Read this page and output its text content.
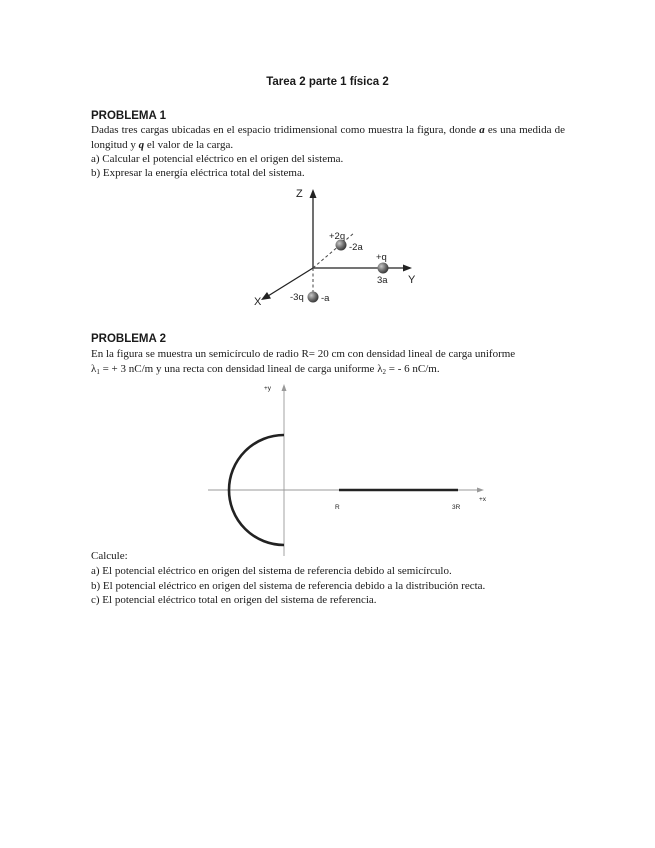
Tarea 2 parte 1 física 2
PROBLEMA 1
Dadas tres cargas ubicadas en el espacio tridimensional como muestra la figura, donde a es una medida de longitud y q el valor de la carga.
a) Calcular el potencial eléctrico en el origen del sistema.
b) Expresar la energía eléctrica total del sistema.
Z
Y
X
+2q
-2a
+q
3a
-3q -a
PROBLEMA 2
En la figura se muestra un semicírculo de radio R= 20 cm con densidad lineal de carga uniforme
$\lambda_1$ = + 3 nC/m y una recta con densidad lineal de carga uniforme $\lambda_2$ = - 6 nC/m.
+y
+x
R	3R
Calcule:
a) El potencial eléctrico en origen del sistema de referencia debido al semicírculo.
b) El potencial eléctrico en origen del sistema de referencia debido a la distribución recta.
c) El potencial eléctrico total en origen del sistema de referencia.
